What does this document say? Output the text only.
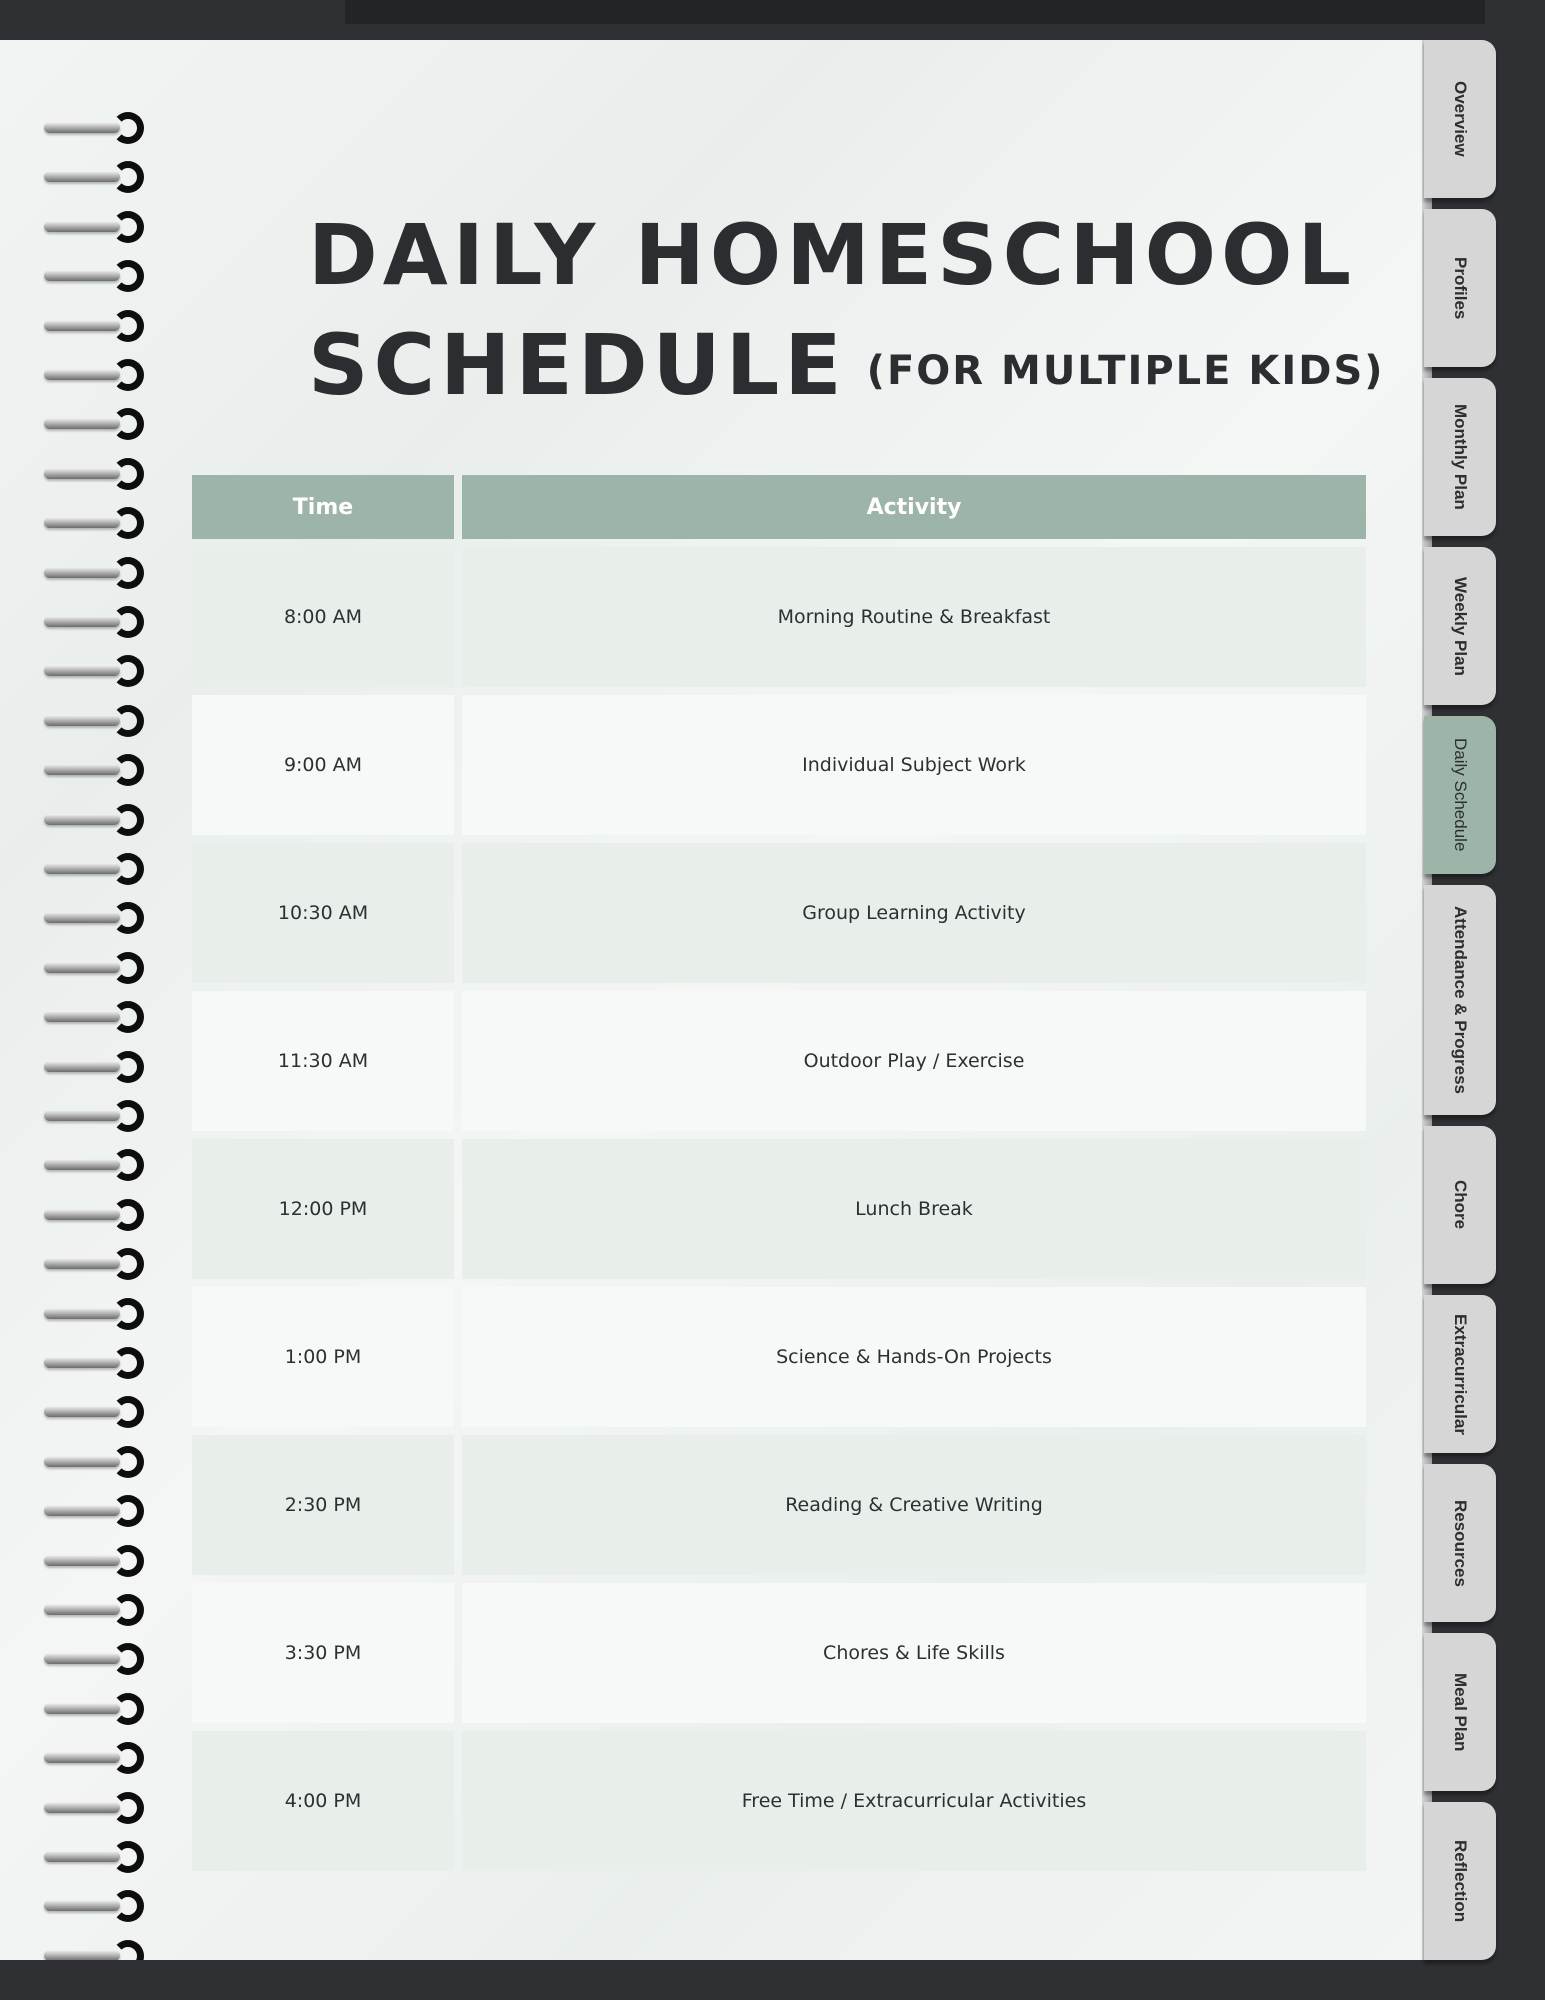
DAILY HOMESCHOOL
SCHEDULE $^{(FOR MULTIPLE KIDS)}$
Time	Activity
8:00 AM	Morning Routine & Breakfast
9:00 AM	Individual Subject Work
10:30 AM	Group Learning Activity
11:30 AM	Outdoor Play / Exercise
12:00 PM	Lunch Break
1:00 PM	Science & Hands-On Projects
2:30 PM	Reading & Creative Writing
3:30 PM	Chores & Life Skills
4:00 PM	Free Time / Extracurricular Activities
Overview
Profiles
Monthly Plan
Weekly Plan
Daily Schedule
Attendance & Progress
Chore
Extracurricular
Resources
Meal Plan
Reflection
